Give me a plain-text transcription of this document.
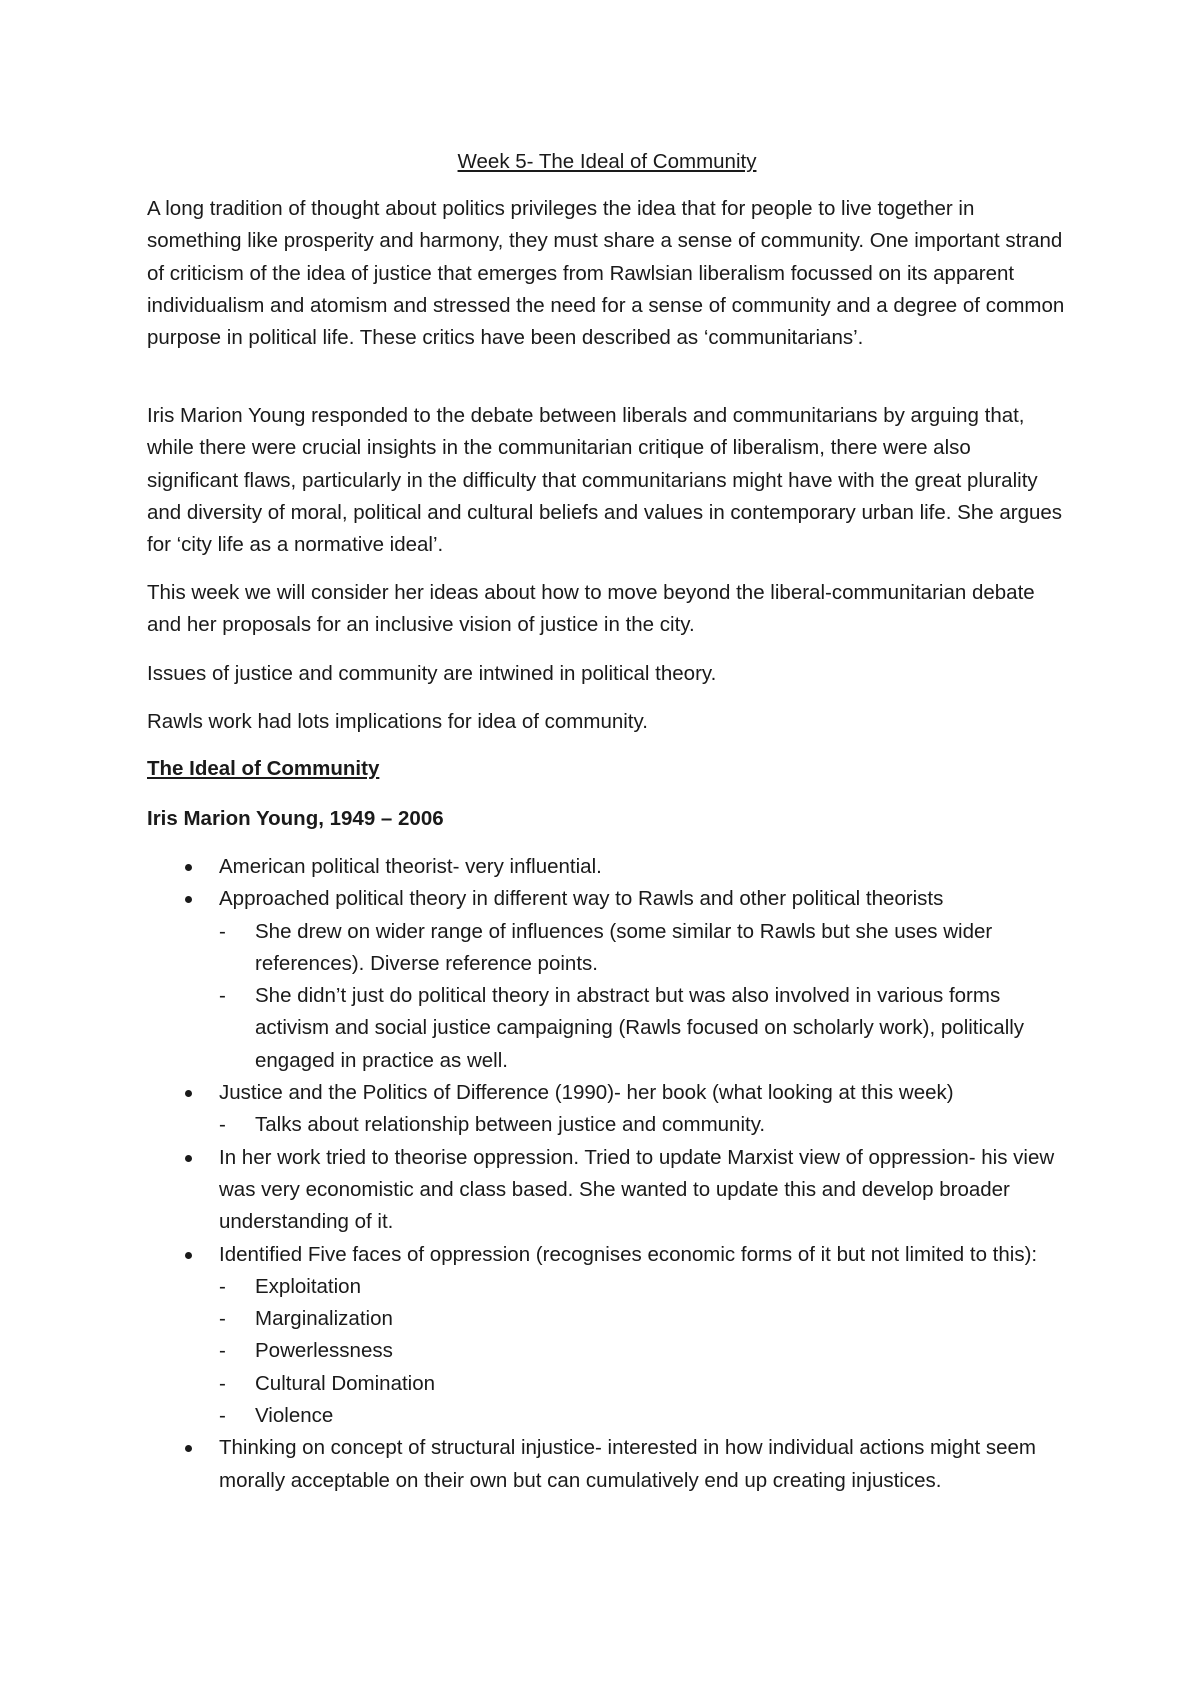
Week 5- The Ideal of Community

A long tradition of thought about politics privileges the idea that for people to live together in something like prosperity and harmony, they must share a sense of community. One important strand of criticism of the idea of justice that emerges from Rawlsian liberalism focussed on its apparent individualism and atomism and stressed the need for a sense of community and a degree of common purpose in political life. These critics have been described as ‘communitarians’.

Iris Marion Young responded to the debate between liberals and communitarians by arguing that, while there were crucial insights in the communitarian critique of liberalism, there were also significant flaws, particularly in the difficulty that communitarians might have with the great plurality and diversity of moral, political and cultural beliefs and values in contemporary urban life. She argues for ‘city life as a normative ideal’.

This week we will consider her ideas about how to move beyond the liberal-communitarian debate and her proposals for an inclusive vision of justice in the city.

Issues of justice and community are intwined in political theory.

Rawls work had lots implications for idea of community.

The Ideal of Community
Iris Marion Young, 1949 – 2006
American political theorist- very influential.
Approached political theory in different way to Rawls and other political theorists
- She drew on wider range of influences (some similar to Rawls but she uses wider references). Diverse reference points.
- She didn’t just do political theory in abstract but was also involved in various forms activism and social justice campaigning (Rawls focused on scholarly work), politically engaged in practice as well.
Justice and the Politics of Difference (1990)- her book (what looking at this week)
- Talks about relationship between justice and community.
In her work tried to theorise oppression. Tried to update Marxist view of oppression- his view was very economistic and class based. She wanted to update this and develop broader understanding of it.
Identified Five faces of oppression (recognises economic forms of it but not limited to this):
- Exploitation
- Marginalization
- Powerlessness
- Cultural Domination
- Violence
Thinking on concept of structural injustice- interested in how individual actions might seem morally acceptable on their own but can cumulatively end up creating injustices.
